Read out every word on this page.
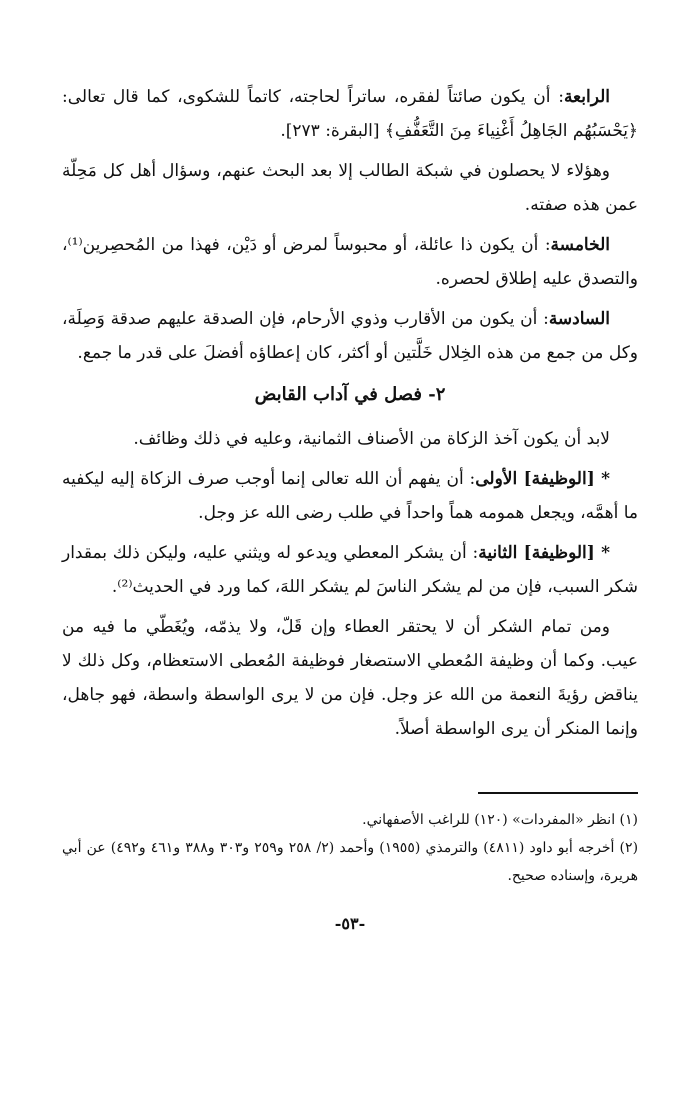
الرابعة: أن يكون صائتاً لفقره، ساتراً لحاجته، كاتماً للشكوى، كما قال تعالى: ﴿يَحْسَبُهُم الجَاهِلُ أَغْنِياءَ مِنَ التَّعَفُّفِ﴾ [البقرة: ٢٧٣].

وهؤلاء لا يحصلون في شبكة الطالب إلا بعد البحث عنهم، وسؤال أهل كل مَحِلّة عمن هذه صفته.

الخامسة: أن يكون ذا عائلة، أو محبوساً لمرض أو دَيْن، فهذا من المُحصِرين⁽¹⁾، والتصدق عليه إطلاق لحصره.

السادسة: أن يكون من الأقارب وذوي الأرحام، فإن الصدقة عليهم صدقة وَصِلَة، وكل من جمع من هذه الخِلال خَلَّتين أو أكثر، كان إعطاؤه أفضلَ على قدر ما جمع.

٢- فصل في آداب القابض

لابد أن يكون آخذ الزكاة من الأصناف الثمانية، وعليه في ذلك وظائف.

* [الوظيفة] الأولى: أن يفهم أن الله تعالى إنما أوجب صرف الزكاة إليه ليكفيه ما أهمَّه، ويجعل همومه هماً واحداً في طلب رضى الله عز وجل.

* [الوظيفة] الثانية: أن يشكر المعطي ويدعو له ويثني عليه، وليكن ذلك بمقدار شكر السبب، فإن من لم يشكر الناسَ لم يشكر اللهَ، كما ورد في الحديث⁽²⁾.

ومن تمام الشكر أن لا يحتقر العطاء وإن قَلّ، ولا يذمّه، ويُغَطّي ما فيه من عيب. وكما أن وظيفة المُعطي الاستصغار فوظيفة المُعطى الاستعظام، وكل ذلك لا يناقض رؤيةَ النعمة من الله عز وجل. فإن من لا يرى الواسطة واسطة، فهو جاهل، وإنما المنكر أن يرى الواسطة أصلاً.

(١) انظر «المفردات» (١٢٠) للراغب الأصفهاني.

(٢) أخرجه أبو داود (٤٨١١) والترمذي (١٩٥٥) وأحمد (٢/ ٢٥٨ و٢٥٩ و٣٠٣ و٣٨٨ و٤٦١ و٤٩٢) عن أبي هريرة، وإسناده صحيح.

-٥٣-
